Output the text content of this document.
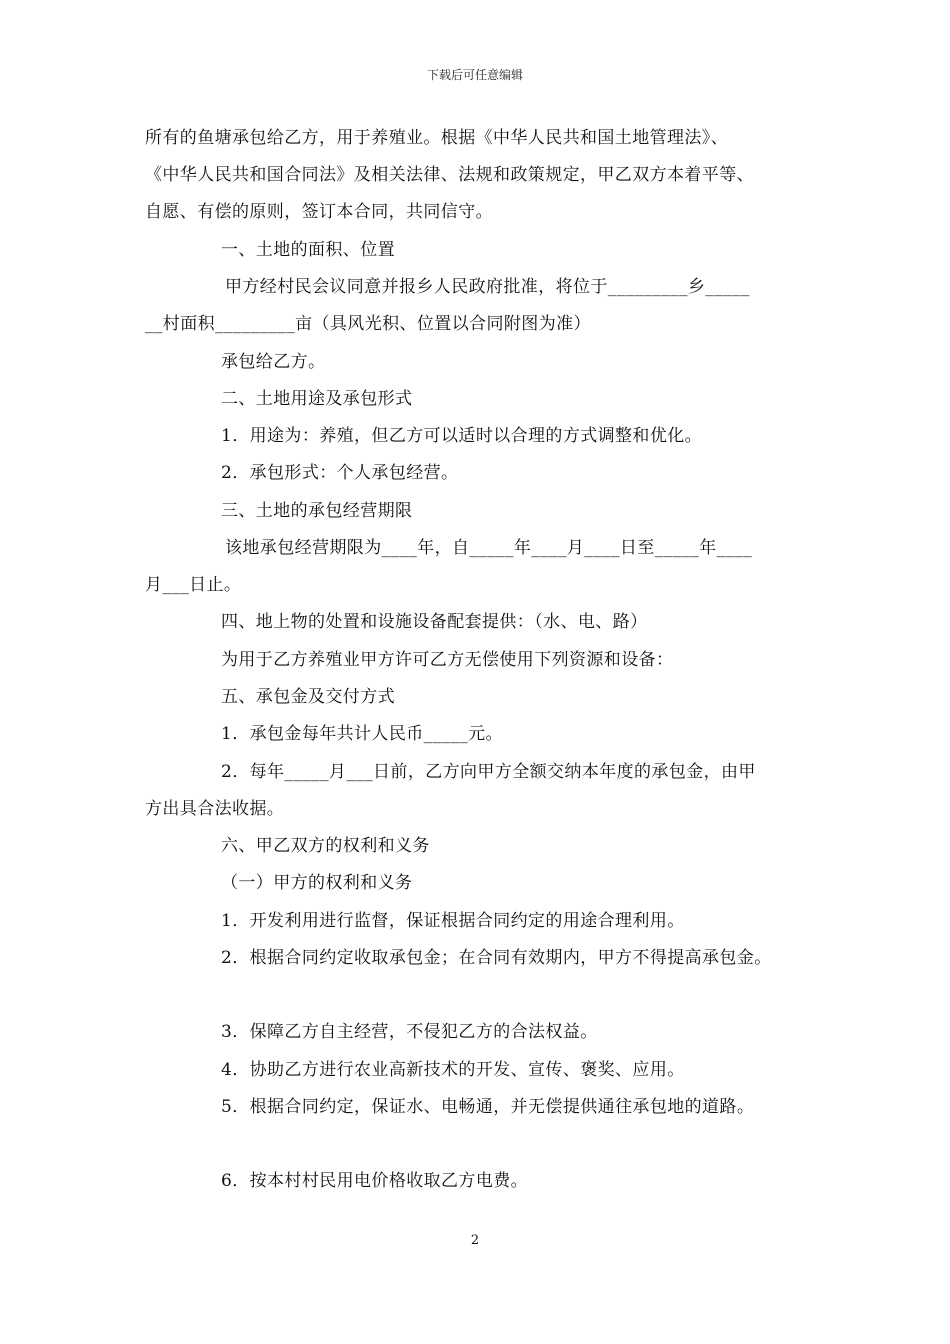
下载后可任意编辑
所有的鱼塘承包给乙方，用于养殖业。根据《中华人民共和国土地管理法》、
《中华人民共和国合同法》及相关法律、法规和政策规定，甲乙双方本着平等、
自愿、有偿的原则，签订本合同，共同信守。
一、土地的面积、位置
甲方经村民会议同意并报乡人民政府批准，将位于_________乡_____
__村面积_________亩（具风光积、位置以合同附图为准）
承包给乙方。
二、土地用途及承包形式
1．用途为：养殖，但乙方可以适时以合理的方式调整和优化。
2．承包形式：个人承包经营。
三、土地的承包经营期限
该地承包经营期限为____年，自_____年____月____日至_____年____
月___日止。
四、地上物的处置和设施设备配套提供：（水、电、路）
为用于乙方养殖业甲方许可乙方无偿使用下列资源和设备：
五、承包金及交付方式
1．承包金每年共计人民币_____元。
2．每年_____月___日前，乙方向甲方全额交纳本年度的承包金，由甲
方出具合法收据。
六、甲乙双方的权利和义务
（一）甲方的权利和义务
1．开发利用进行监督，保证根据合同约定的用途合理利用。
2．根据合同约定收取承包金；在合同有效期内，甲方不得提高承包金。
3．保障乙方自主经营，不侵犯乙方的合法权益。
4．协助乙方进行农业高新技术的开发、宣传、褒奖、应用。
5．根据合同约定，保证水、电畅通，并无偿提供通往承包地的道路。
6．按本村村民用电价格收取乙方电费。
2
